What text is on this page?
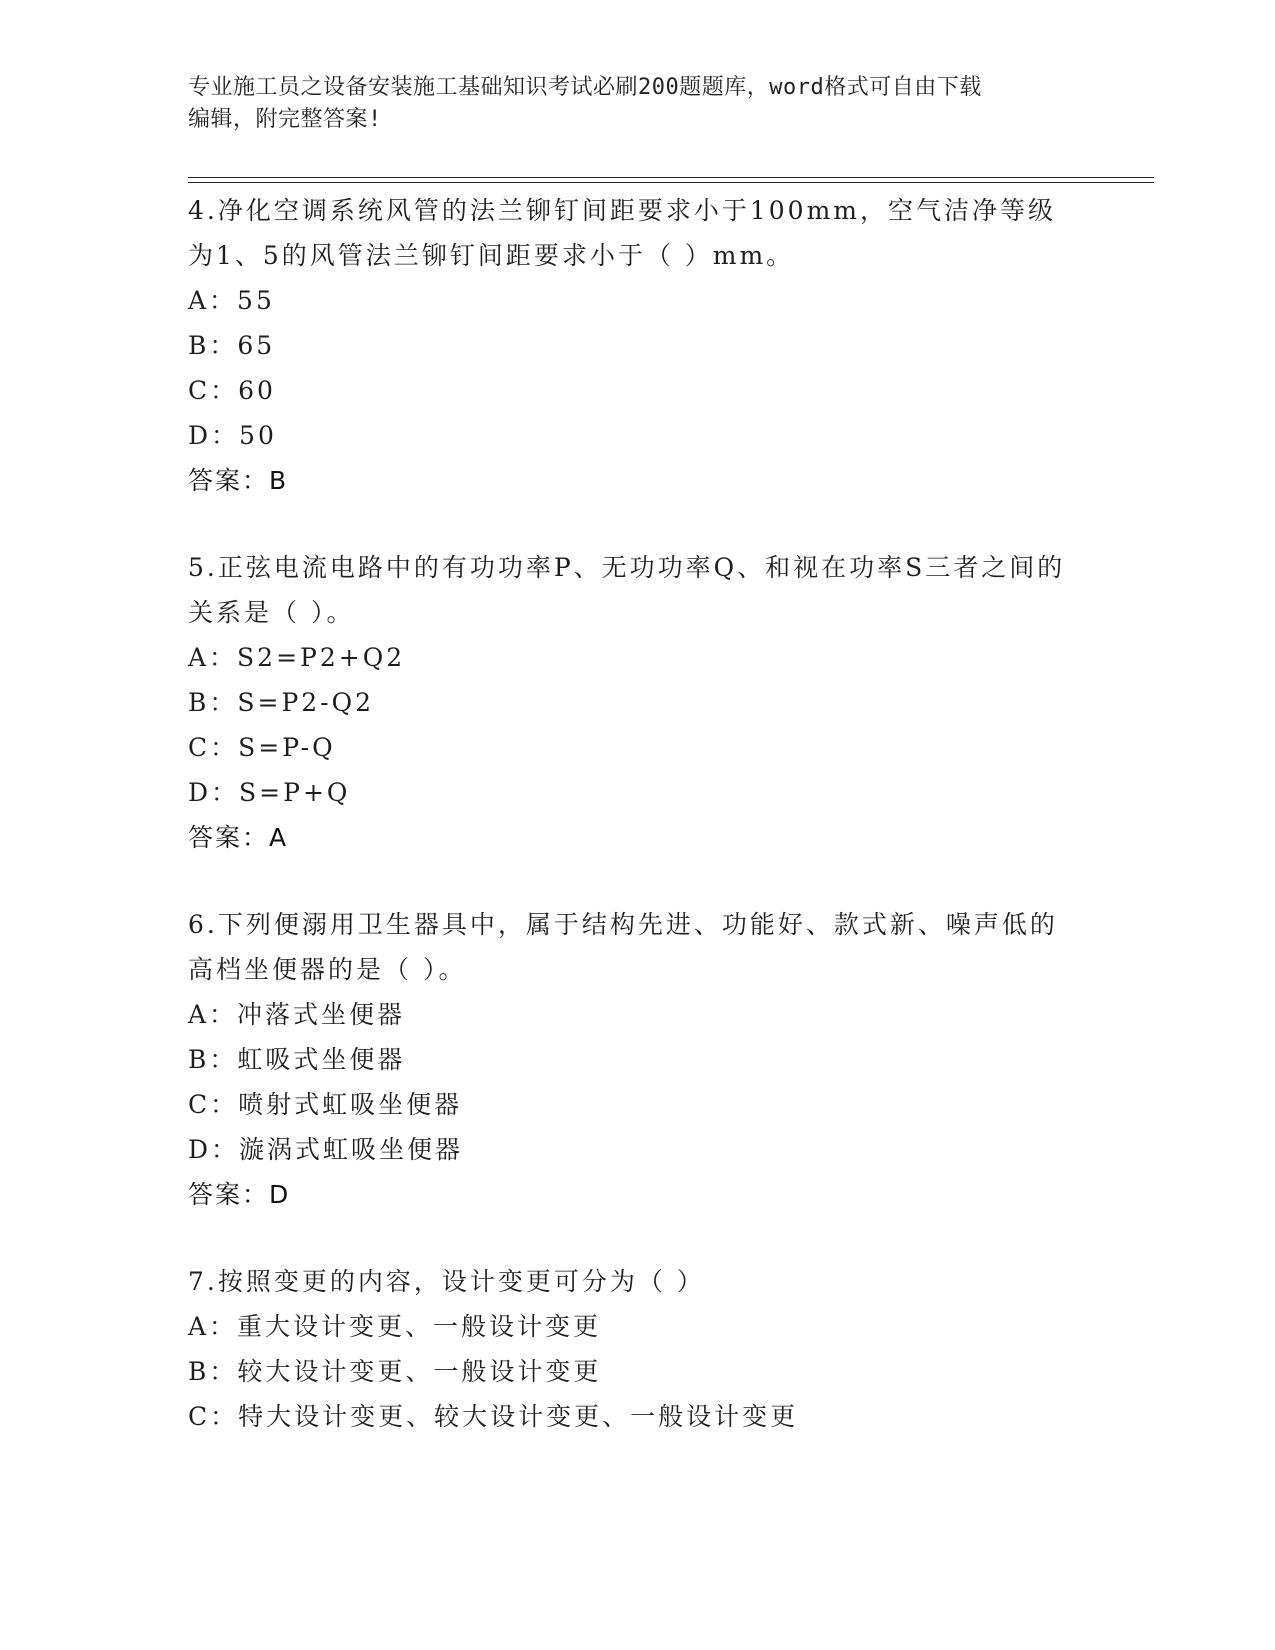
专业施工员之设备安装施工基础知识考试必刷200题题库，word格式可自由下载
编辑，附完整答案!

4.净化空调系统风管的法兰铆钉间距要求小于100mm，空气洁净等级为1、5的风管法兰铆钉间距要求小于（ ）mm。

A：55

B：65

C：60

D：50

答案：B

5.正弦电流电路中的有功功率P、无功功率Q、和视在功率S三者之间的关系是（ ）。

A：S2=P2+Q2

B：S=P2-Q2

C：S=P-Q

D：S=P+Q

答案：A

6.下列便溺用卫生器具中，属于结构先进、功能好、款式新、噪声低的高档坐便器的是（ ）。

A：冲落式坐便器

B：虹吸式坐便器

C：喷射式虹吸坐便器

D：漩涡式虹吸坐便器

答案：D

7.按照变更的内容，设计变更可分为（ ）

A：重大设计变更、一般设计变更

B：较大设计变更、一般设计变更

C：特大设计变更、较大设计变更、一般设计变更
